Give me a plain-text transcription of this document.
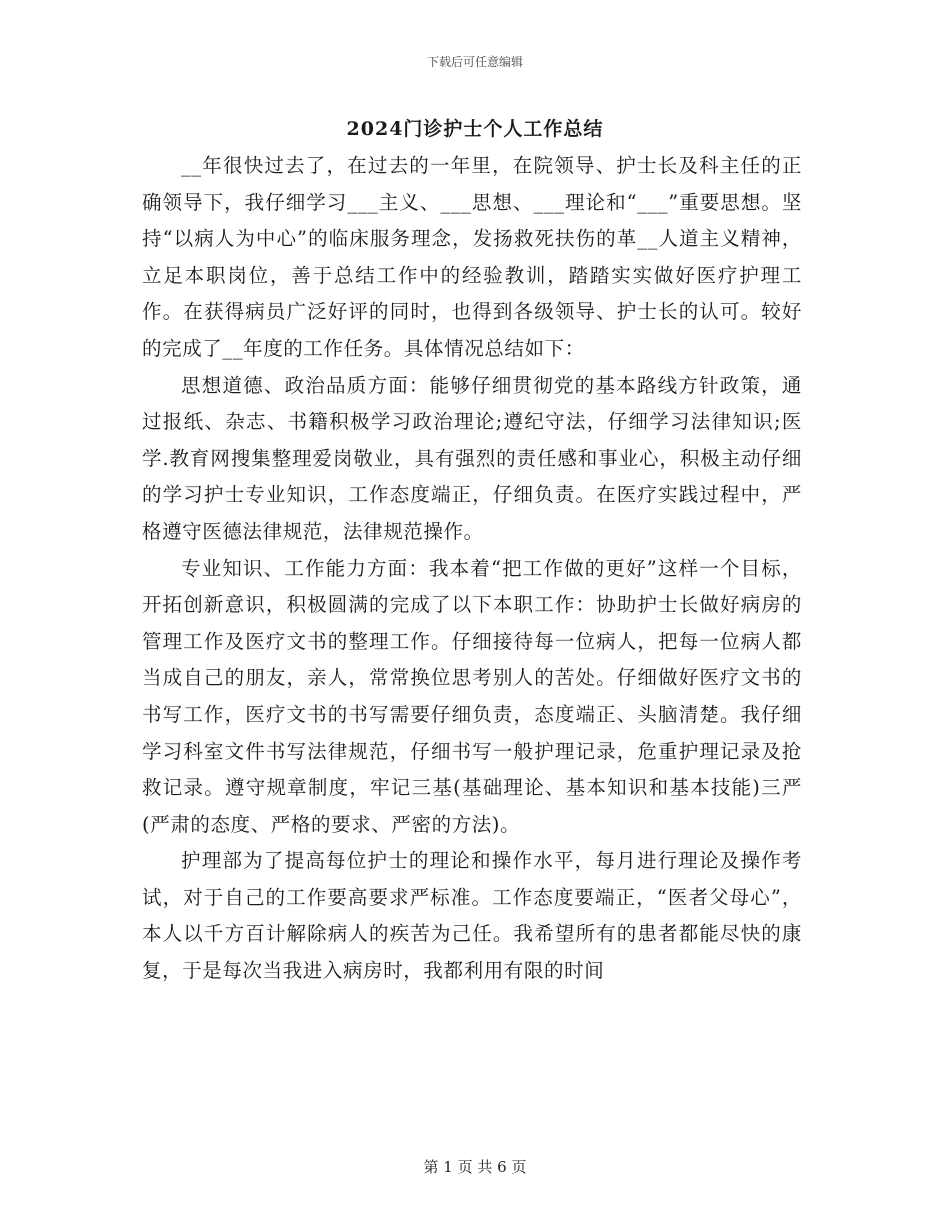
下载后可任意编辑
2024门诊护士个人工作总结

__年很快过去了，在过去的一年里，在院领导、护士长及科主任的正确领导下，我仔细学习___主义、___思想、___理论和“___”重要思想。坚持“以病人为中心”的临床服务理念，发扬救死扶伤的革__人道主义精神，立足本职岗位，善于总结工作中的经验教训，踏踏实实做好医疗护理工作。在获得病员广泛好评的同时，也得到各级领导、护士长的认可。较好的完成了__年度的工作任务。具体情况总结如下：

思想道德、政治品质方面：能够仔细贯彻党的基本路线方针政策，通过报纸、杂志、书籍积极学习政治理论;遵纪守法，仔细学习法律知识;医学.教育网搜集整理爱岗敬业，具有强烈的责任感和事业心，积极主动仔细的学习护士专业知识，工作态度端正，仔细负责。在医疗实践过程中，严格遵守医德法律规范，法律规范操作。

专业知识、工作能力方面：我本着“把工作做的更好”这样一个目标，开拓创新意识，积极圆满的完成了以下本职工作：协助护士长做好病房的管理工作及医疗文书的整理工作。仔细接待每一位病人，把每一位病人都当成自己的朋友，亲人，常常换位思考别人的苦处。仔细做好医疗文书的书写工作，医疗文书的书写需要仔细负责，态度端正、头脑清楚。我仔细学习科室文件书写法律规范，仔细书写一般护理记录，危重护理记录及抢救记录。遵守规章制度，牢记三基(基础理论、基本知识和基本技能)三严(严肃的态度、严格的要求、严密的方法)。

护理部为了提高每位护士的理论和操作水平，每月进行理论及操作考试，对于自己的工作要高要求严标准。工作态度要端正，“医者父母心”，本人以千方百计解除病人的疾苦为己任。我希望所有的患者都能尽快的康复，于是每次当我进入病房时，我都利用有限的时间

第 1 页 共 6 页
